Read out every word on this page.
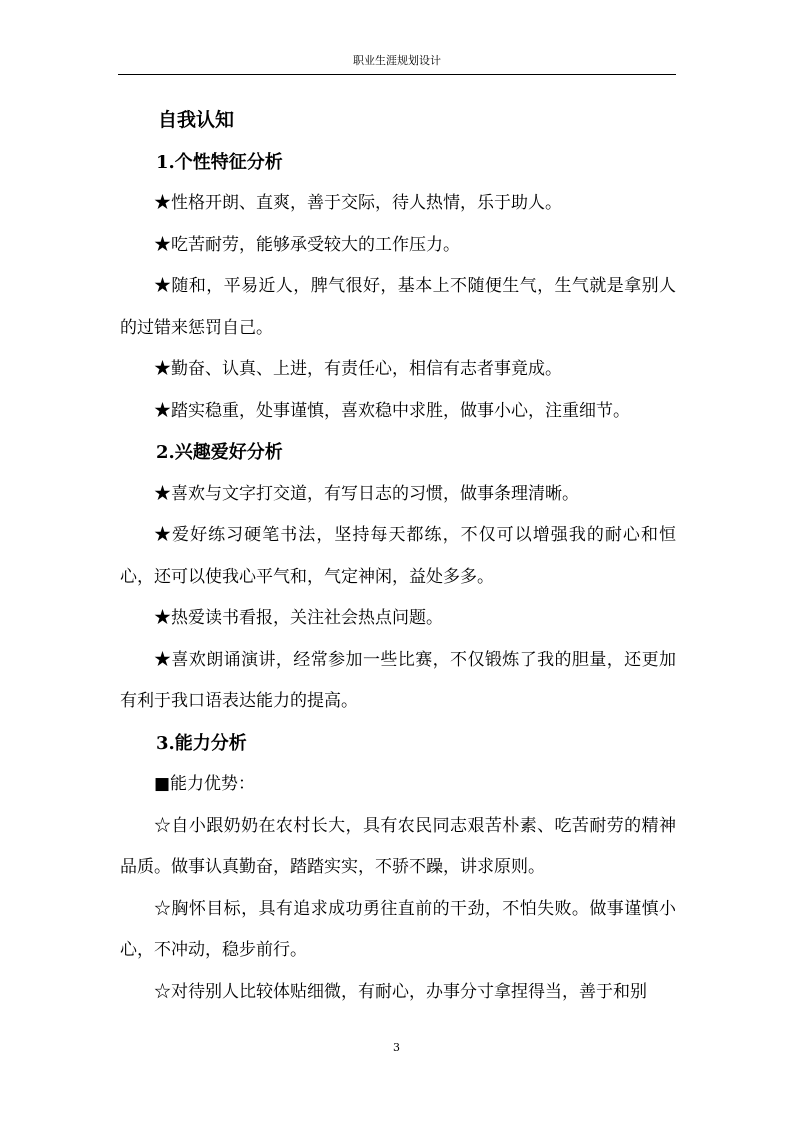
职业生涯规划设计

自我认知

1.个性特征分析

★性格开朗、直爽，善于交际，待人热情，乐于助人。

★吃苦耐劳，能够承受较大的工作压力。

★随和，平易近人，脾气很好，基本上不随便生气，生气就是拿别人的过错来惩罚自己。

★勤奋、认真、上进，有责任心，相信有志者事竟成。

★踏实稳重，处事谨慎，喜欢稳中求胜，做事小心，注重细节。

2.兴趣爱好分析

★喜欢与文字打交道，有写日志的习惯，做事条理清晰。

★爱好练习硬笔书法，坚持每天都练，不仅可以增强我的耐心和恒心，还可以使我心平气和，气定神闲，益处多多。

★热爱读书看报，关注社会热点问题。

★喜欢朗诵演讲，经常参加一些比赛，不仅锻炼了我的胆量，还更加有利于我口语表达能力的提高。

3.能力分析

■能力优势：

☆自小跟奶奶在农村长大，具有农民同志艰苦朴素、吃苦耐劳的精神品质。做事认真勤奋，踏踏实实，不骄不躁，讲求原则。

☆胸怀目标，具有追求成功勇往直前的干劲，不怕失败。做事谨慎小心，不冲动，稳步前行。

☆对待别人比较体贴细微，有耐心，办事分寸拿捏得当，善于和别

3
